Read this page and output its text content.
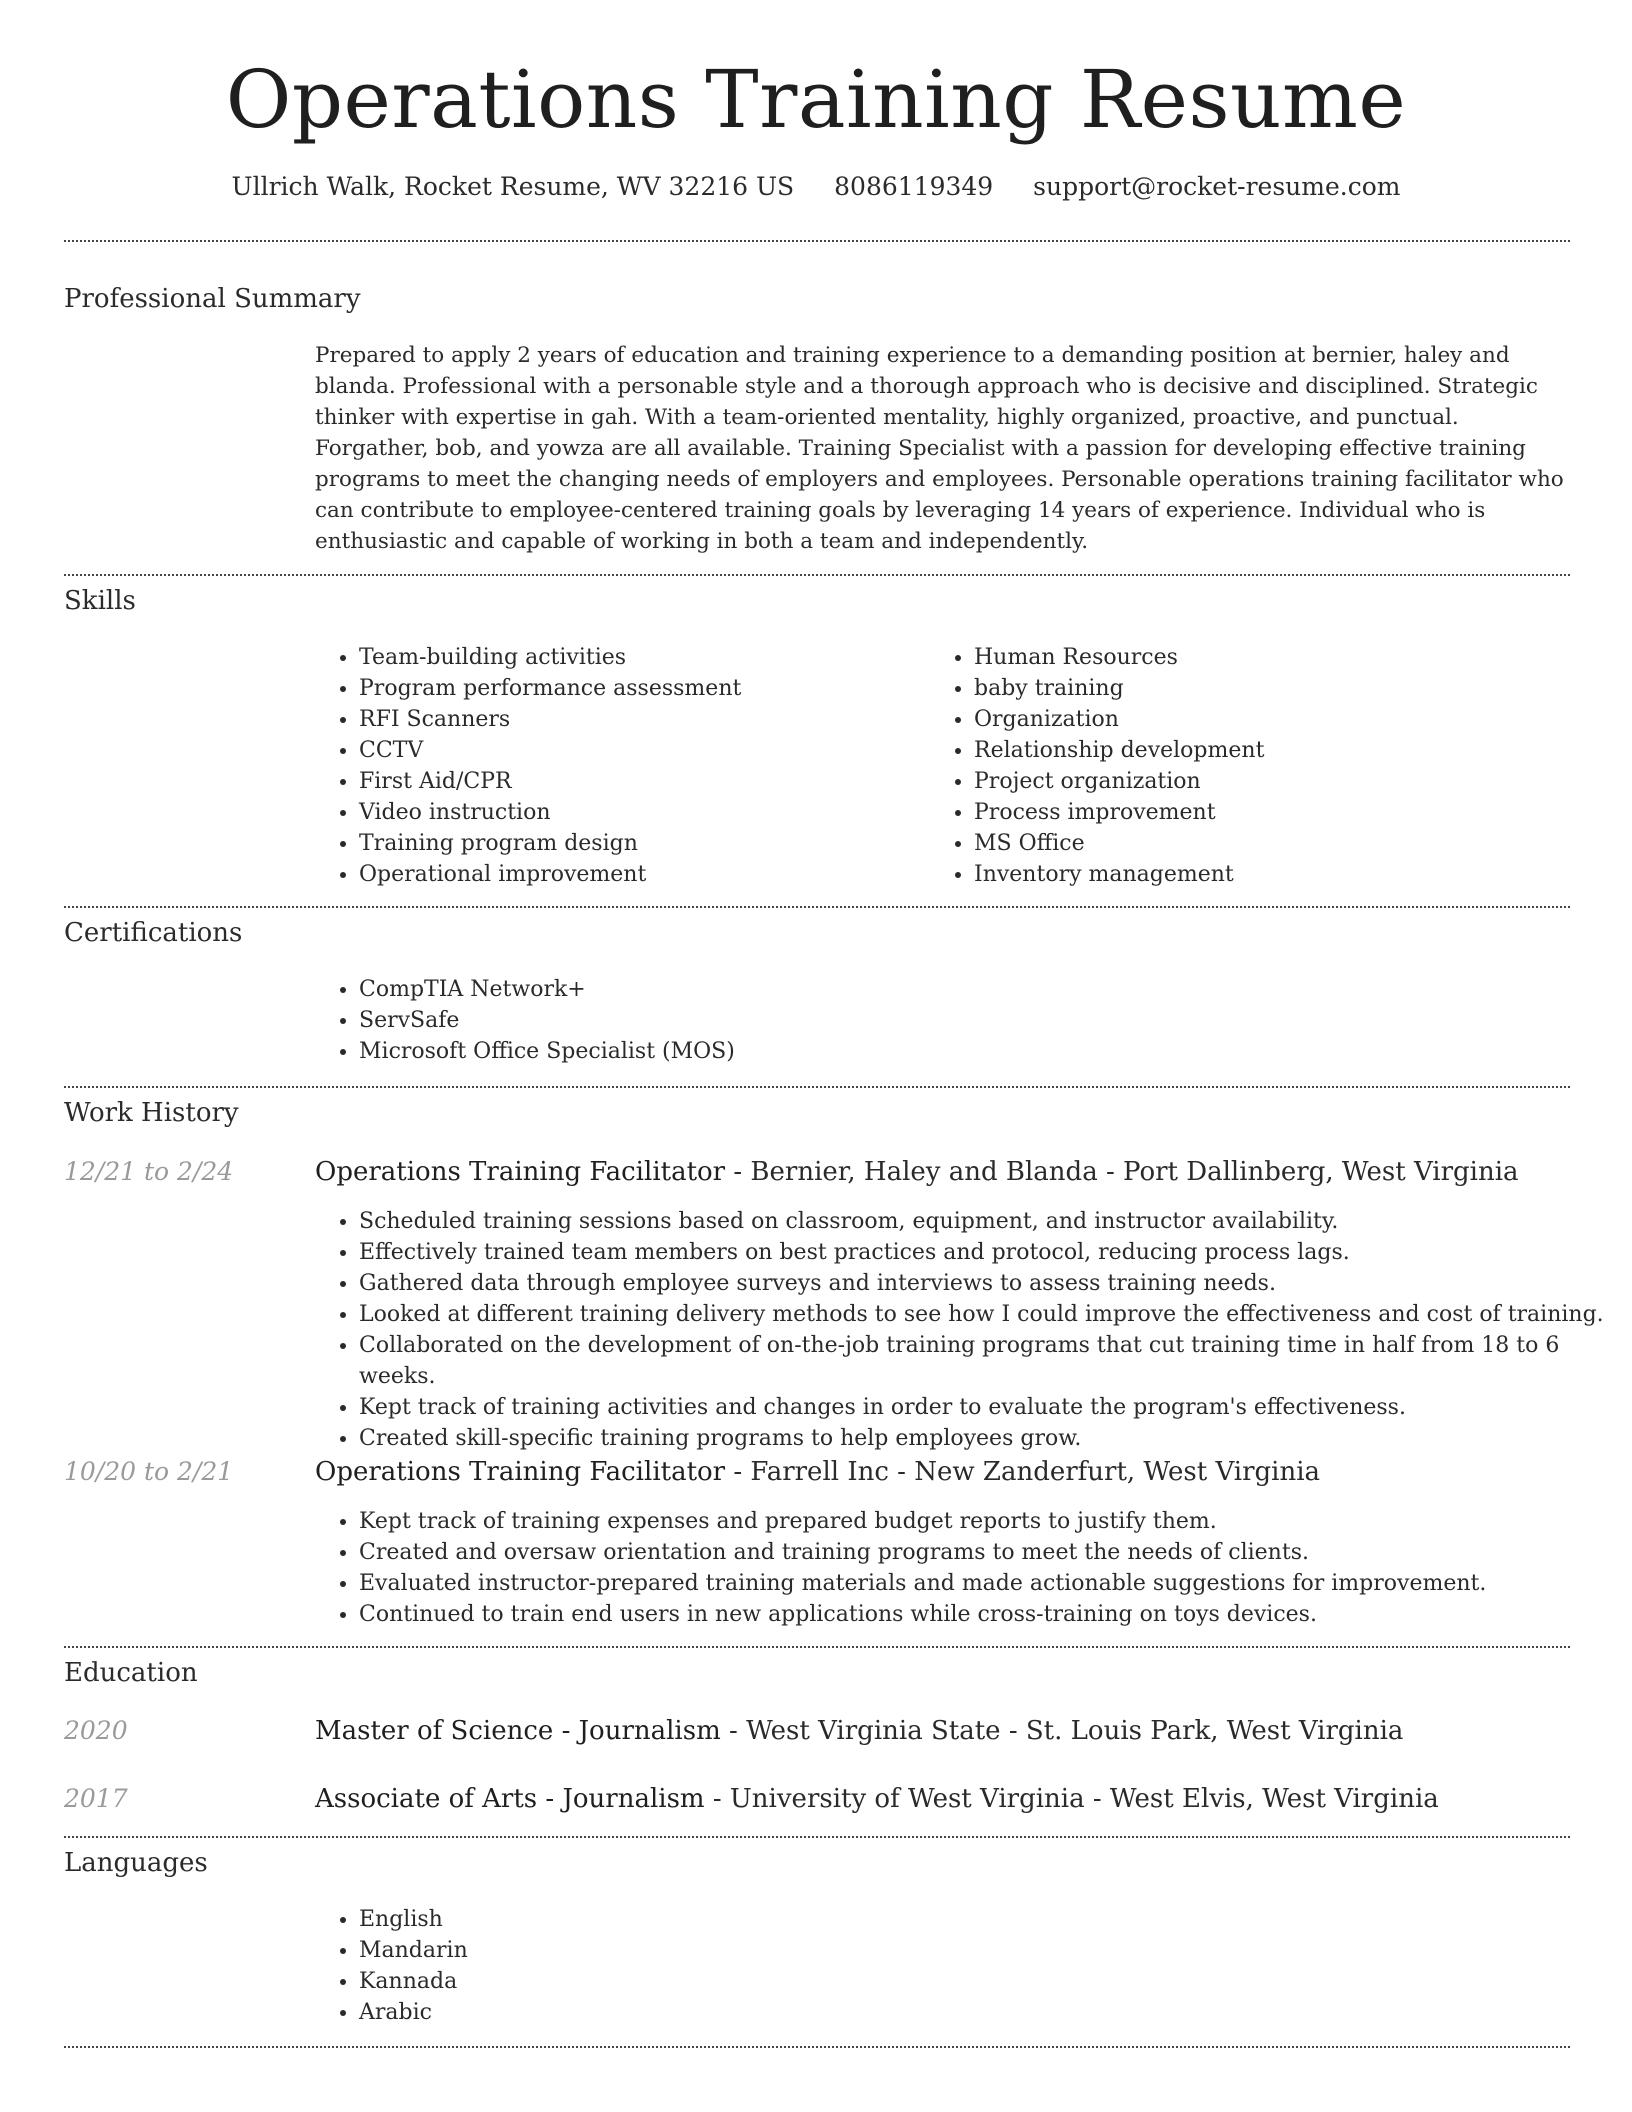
Operations Training Resume
Ullrich Walk, Rocket Resume, WV 32216 US 8086119349 support@rocket-resume.com
Professional Summary
Prepared to apply 2 years of education and training experience to a demanding position at bernier, haley and blanda. Professional with a personable style and a thorough approach who is decisive and disciplined. Strategic thinker with expertise in gah. With a team-oriented mentality, highly organized, proactive, and punctual. Forgather, bob, and yowza are all available. Training Specialist with a passion for developing effective training programs to meet the changing needs of employers and employees. Personable operations training facilitator who can contribute to employee-centered training goals by leveraging 14 years of experience. Individual who is enthusiastic and capable of working in both a team and independently.
Skills
• Team-building activities
• Program performance assessment
• RFI Scanners
• CCTV
• First Aid/CPR
• Video instruction
• Training program design
• Operational improvement
• Human Resources
• baby training
• Organization
• Relationship development
• Project organization
• Process improvement
• MS Office
• Inventory management
Certifications
• CompTIA Network+
• ServSafe
• Microsoft Office Specialist (MOS)
Work History
12/21 to 2/24	Operations Training Facilitator - Bernier, Haley and Blanda - Port Dallinberg, West Virginia
• Scheduled training sessions based on classroom, equipment, and instructor availability.
• Effectively trained team members on best practices and protocol, reducing process lags.
• Gathered data through employee surveys and interviews to assess training needs.
• Looked at different training delivery methods to see how I could improve the effectiveness and cost of training.
• Collaborated on the development of on-the-job training programs that cut training time in half from 18 to 6 weeks.
• Kept track of training activities and changes in order to evaluate the program's effectiveness.
• Created skill-specific training programs to help employees grow.
10/20 to 2/21	Operations Training Facilitator - Farrell Inc - New Zanderfurt, West Virginia
• Kept track of training expenses and prepared budget reports to justify them.
• Created and oversaw orientation and training programs to meet the needs of clients.
• Evaluated instructor-prepared training materials and made actionable suggestions for improvement.
• Continued to train end users in new applications while cross-training on toys devices.
Education
2020	Master of Science - Journalism - West Virginia State - St. Louis Park, West Virginia
2017	Associate of Arts - Journalism - University of West Virginia - West Elvis, West Virginia
Languages
• English
• Mandarin
• Kannada
• Arabic
